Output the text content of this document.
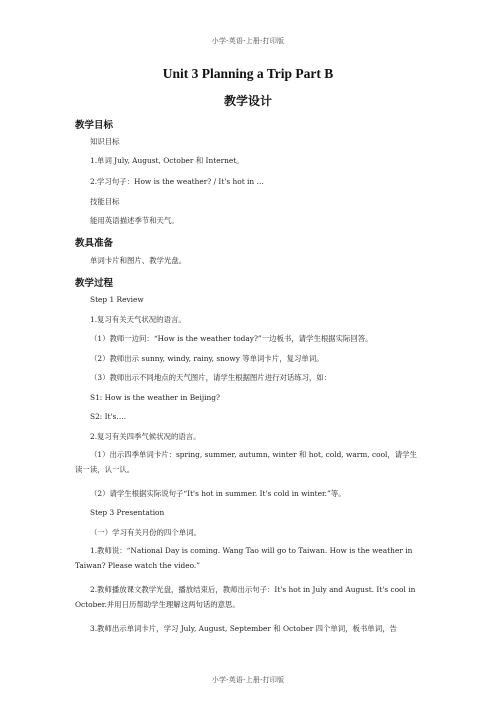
小学-英语-上册-打印版
Unit 3 Planning a Trip Part B
教学设计
教学目标
知识目标
1.单词 July, August, October 和 Internet。
2.学习句子：How is the weather? / It's hot in …
技能目标
能用英语描述季节和天气。
教具准备
单词卡片和图片、教学光盘。
教学过程
Step 1 Review
1.复习有关天气状况的语言。
（1）教师一边问：“How is the weather today?”一边板书，请学生根据实际回答。
（2）教师出示 sunny, windy, rainy, snowy 等单词卡片，复习单词。
（3）教师出示不同地点的天气图片，请学生根据图片进行对话练习，如：
S1: How is the weather in Beijing?
S2: It's….
2.复习有关四季气候状况的语言。
（1）出示四季单词卡片：spring, summer, autumn, winter 和 hot, cold, warm, cool，请学生读一读，认一认。
（2）请学生根据实际说句子“It's hot in summer. It's cold in winter.”等。
Step 3 Presentation
（一）学习有关月份的四个单词。
1.教师说：“National Day is coming. Wang Tao will go to Taiwan. How is the weather in Taiwan? Please watch the video.”
2.教师播放课文教学光盘，播放结束后，教师出示句子：It's hot in July and August. It's cool in October.并用日历帮助学生理解这两句话的意思。
3.教师出示单词卡片，学习 July, August, September 和 October 四个单词，板书单词，告
小学-英语-上册-打印版
